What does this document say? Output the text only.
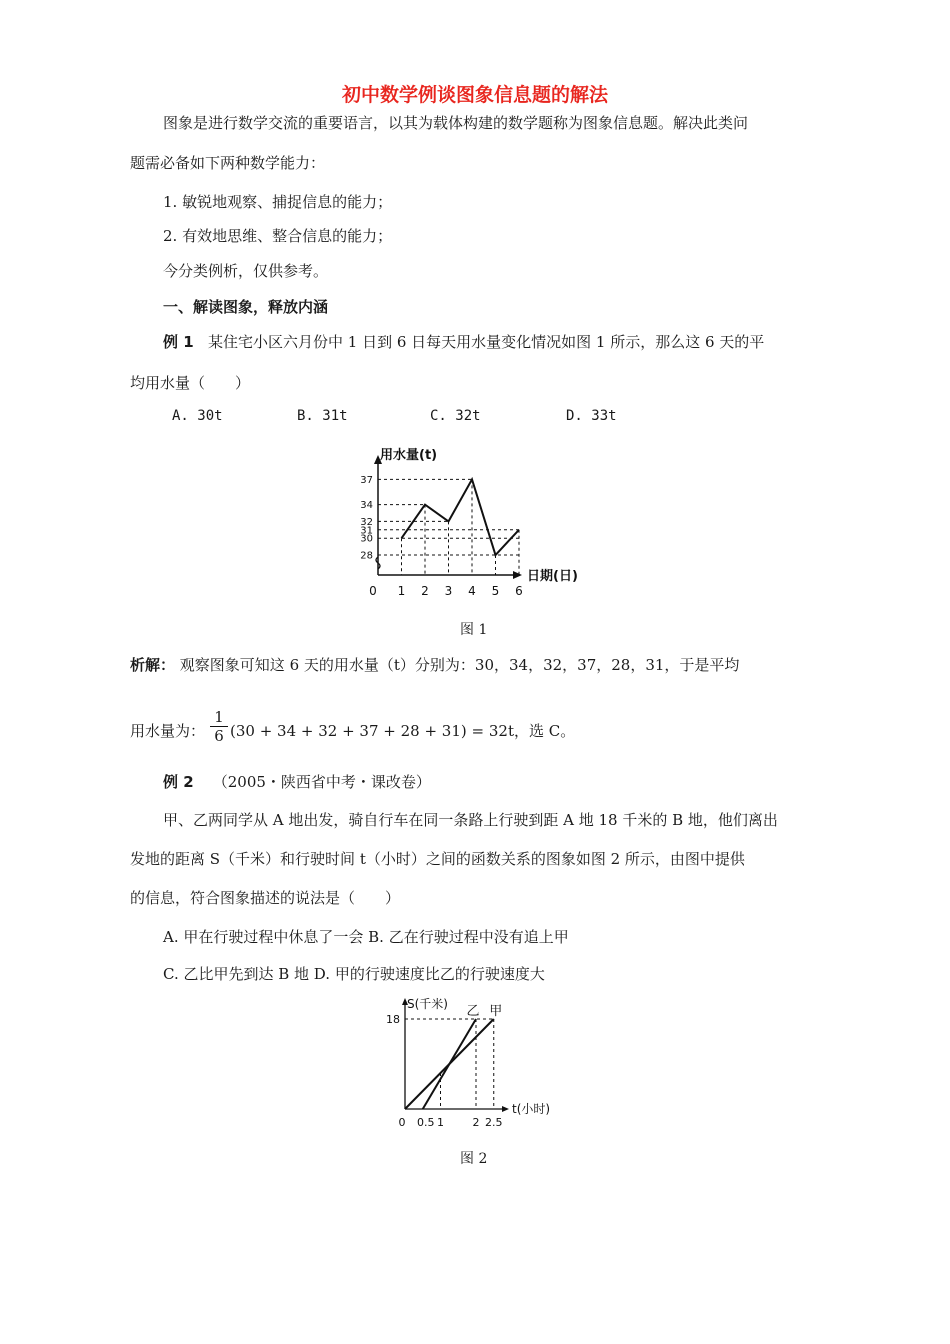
初中数学例谈图象信息题的解法
图象是进行数学交流的重要语言，以其为载体构建的数学题称为图象信息题。解决此类问
题需必备如下两种数学能力：
1. 敏锐地观察、捕捉信息的能力；
2. 有效地思维、整合信息的能力；
今分类例析，仅供参考。
一、解读图象，释放内涵
例 1 某住宅小区六月份中 1 日到 6 日每天用水量变化情况如图 1 所示，那么这 6 天的平
均用水量（　　）
A. 30t	B. 31t	C. 32t	D. 33t
28
30
31
32
34
37
0 1 2 3 4 5 6
用水量(t)
日期(日)
图 1
析解： 观察图象可知这 6 天的用水量（t）分别为：30，34，32，37，28，31，于是平均
用水量为： $\frac{1}{6} (30 + 34 + 32 + 37 + 28 + 31) = 32t$，选 C。
例 2 （2005・陕西省中考・课改卷）
甲、乙两同学从 A 地出发，骑自行车在同一条路上行驶到距 A 地 18 千米的 B 地，他们离出
发地的距离 S（千米）和行驶时间 t（小时）之间的函数关系的图象如图 2 所示，由图中提供
的信息，符合图象描述的说法是（　　）
A. 甲在行驶过程中休息了一会 B. 乙在行驶过程中没有追上甲
C. 乙比甲先到达 B 地 D. 甲的行驶速度比乙的行驶速度大
乙 甲
18
0 0.5 1	2 2.5
S(千米)
t(小时)
图 2
